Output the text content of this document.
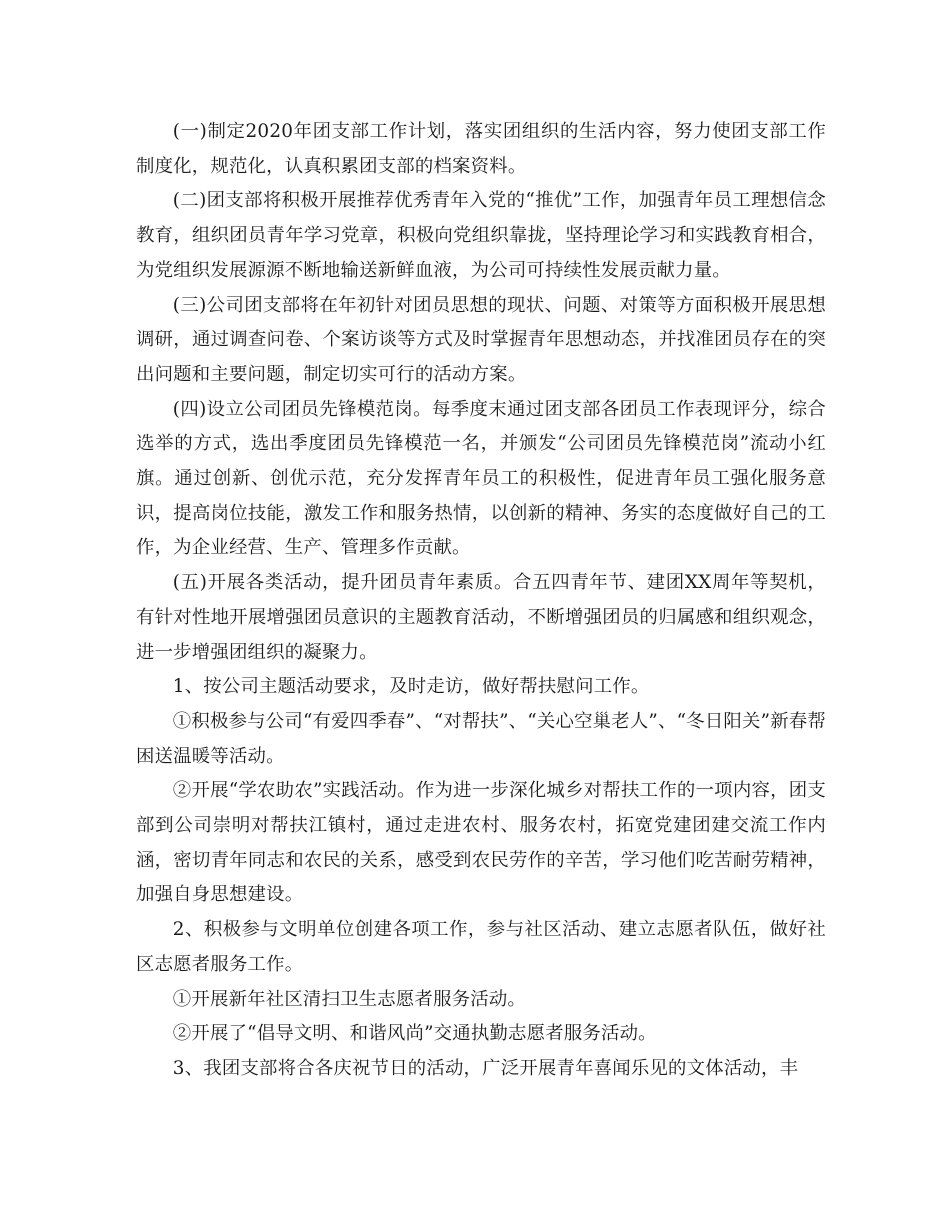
(一)制定2020年团支部工作计划，落实团组织的生活内容，努力使团支部工作制度化，规范化，认真积累团支部的档案资料。

(二)团支部将积极开展推荐优秀青年入党的“推优”工作，加强青年员工理想信念教育，组织团员青年学习党章，积极向党组织靠拢，坚持理论学习和实践教育相合，为党组织发展源源不断地输送新鲜血液，为公司可持续性发展贡献力量。

(三)公司团支部将在年初针对团员思想的现状、问题、对策等方面积极开展思想调研，通过调查问卷、个案访谈等方式及时掌握青年思想动态，并找准团员存在的突出问题和主要问题，制定切实可行的活动方案。

(四)设立公司团员先锋模范岗。每季度末通过团支部各团员工作表现评分，综合选举的方式，选出季度团员先锋模范一名，并颁发“公司团员先锋模范岗”流动小红旗。通过创新、创优示范，充分发挥青年员工的积极性，促进青年员工强化服务意识，提高岗位技能，激发工作和服务热情，以创新的精神、务实的态度做好自己的工作，为企业经营、生产、管理多作贡献。

(五)开展各类活动，提升团员青年素质。合五四青年节、建团XX周年等契机，有针对性地开展增强团员意识的主题教育活动，不断增强团员的归属感和组织观念，进一步增强团组织的凝聚力。

1、按公司主题活动要求，及时走访，做好帮扶慰问工作。

①积极参与公司“有爱四季春”、“对帮扶”、“关心空巢老人”、“冬日阳关”新春帮困送温暖等活动。

②开展“学农助农”实践活动。作为进一步深化城乡对帮扶工作的一项内容，团支部到公司崇明对帮扶江镇村，通过走进农村、服务农村，拓宽党建团建交流工作内涵，密切青年同志和农民的关系，感受到农民劳作的辛苦，学习他们吃苦耐劳精神，加强自身思想建设。

2、积极参与文明单位创建各项工作，参与社区活动、建立志愿者队伍，做好社区志愿者服务工作。

①开展新年社区清扫卫生志愿者服务活动。

②开展了“倡导文明、和谐风尚”交通执勤志愿者服务活动。

3、我团支部将合各庆祝节日的活动，广泛开展青年喜闻乐见的文体活动，丰
